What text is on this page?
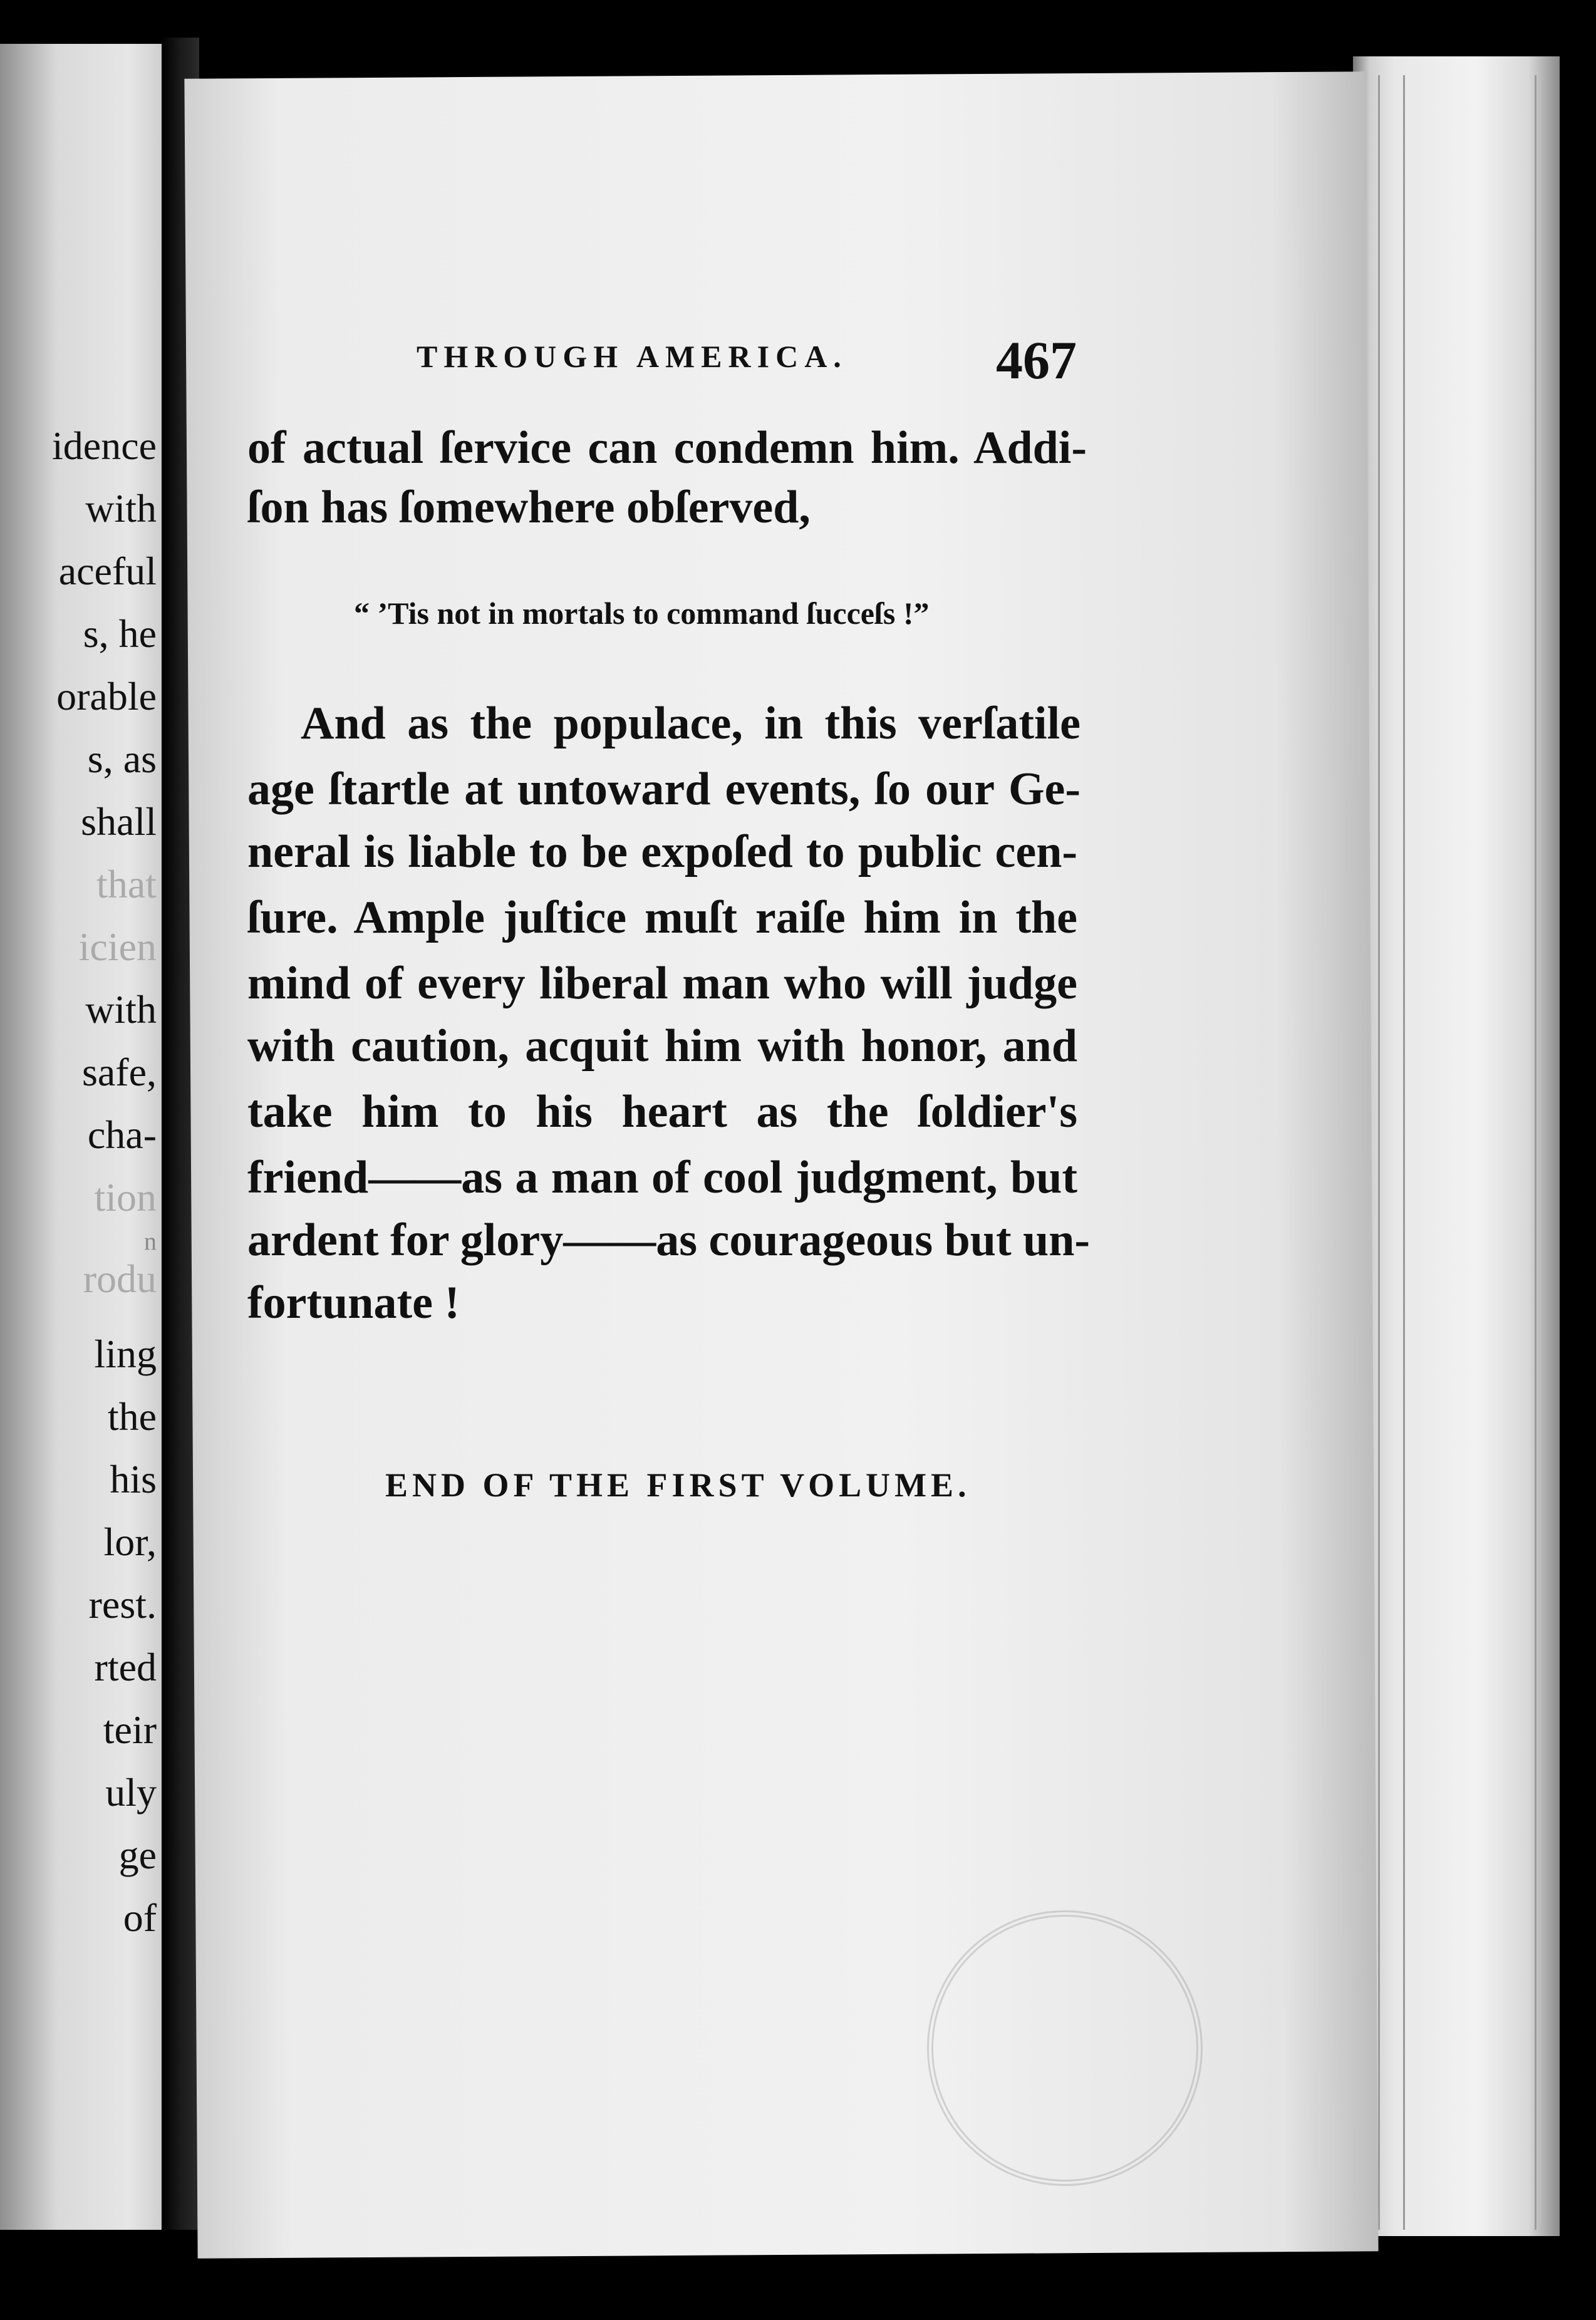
idence
with
aceful
s, he
orable
s, as
shall
that
icien
with
safe,
cha-
tion
n
rodu
ling
the
his
lor,
rest.
rted
teir
uly
ge
of
THROUGH AMERICA.	467
of actual ſervice can condemn him. Addi-
ſon has ſomewhere obſerved,
“ ’Tis not in mortals to command ſucceſs !”
And as the populace, in this verſatile
age ſtartle at untoward events, ſo our Ge-
neral is liable to be expoſed to public cen-
ſure. Ample juſtice muſt raiſe him in the
mind of every liberal man who will judge
with caution, acquit him with honor, and
take him to his heart as the ſoldier's
friend——as a man of cool judgment, but
ardent for glory——as courageous but un-
fortunate !
END OF THE FIRST VOLUME.
